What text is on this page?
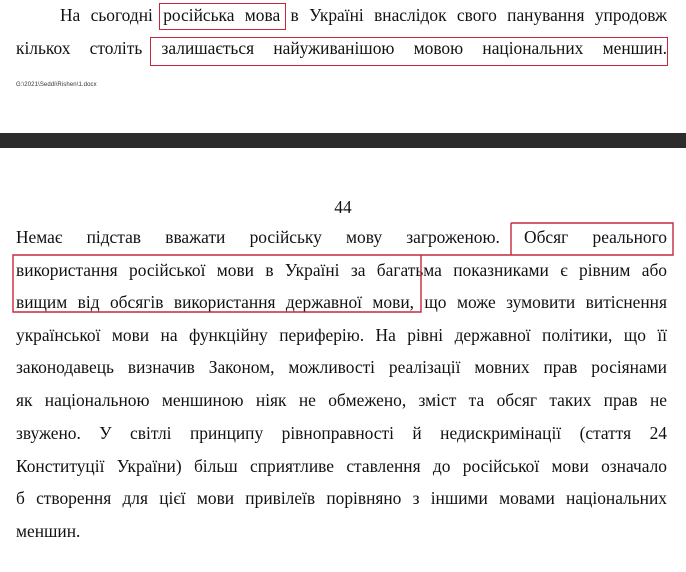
На сьогодні російська мова в Україні внаслідок свого панування упродовж
кількох століть залишається найуживанішою мовою національних меншин.
G:\2021\Seddi\Rishen\1.docx
44
Немає підстав вважати російську мову загроженою. Обсяг реального
використання російської мови в Україні за багатьма показниками є рівним або
вищим від обсягів використання державної мови, що може зумовити витіснення
української мови на функційну периферію. На рівні державної політики, що її
законодавець визначив Законом, можливості реалізації мовних прав росіянами
як національною меншиною ніяк не обмежено, зміст та обсяг таких прав не
звужено. У світлі принципу рівноправності й недискримінації (стаття 24
Конституції України) більш сприятливе ставлення до російської мови означало
б створення для цієї мови привілеїв порівняно з іншими мовами національних
меншин.
